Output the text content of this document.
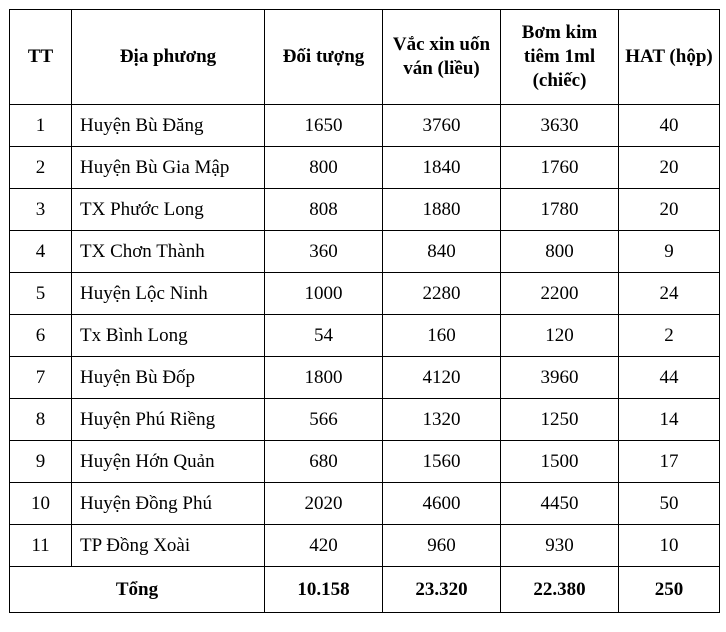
TT	Địa phương	Đối tượng	Vắc xin uốn ván (liều)	Bơm kim tiêm 1ml (chiếc)	HAT (hộp)
1	Huyện Bù Đăng	1650	3760	3630	40
2	Huyện Bù Gia Mập	800	1840	1760	20
3	TX Phước Long	808	1880	1780	20
4	TX Chơn Thành	360	840	800	9
5	Huyện Lộc Ninh	1000	2280	2200	24
6	Tx Bình Long	54	160	120	2
7	Huyện Bù Đốp	1800	4120	3960	44
8	Huyện Phú Riềng	566	1320	1250	14
9	Huyện Hớn Quản	680	1560	1500	17
10	Huyện Đồng Phú	2020	4600	4450	50
11	TP Đồng Xoài	420	960	930	10
Tổng		10.158	23.320	22.380	250
